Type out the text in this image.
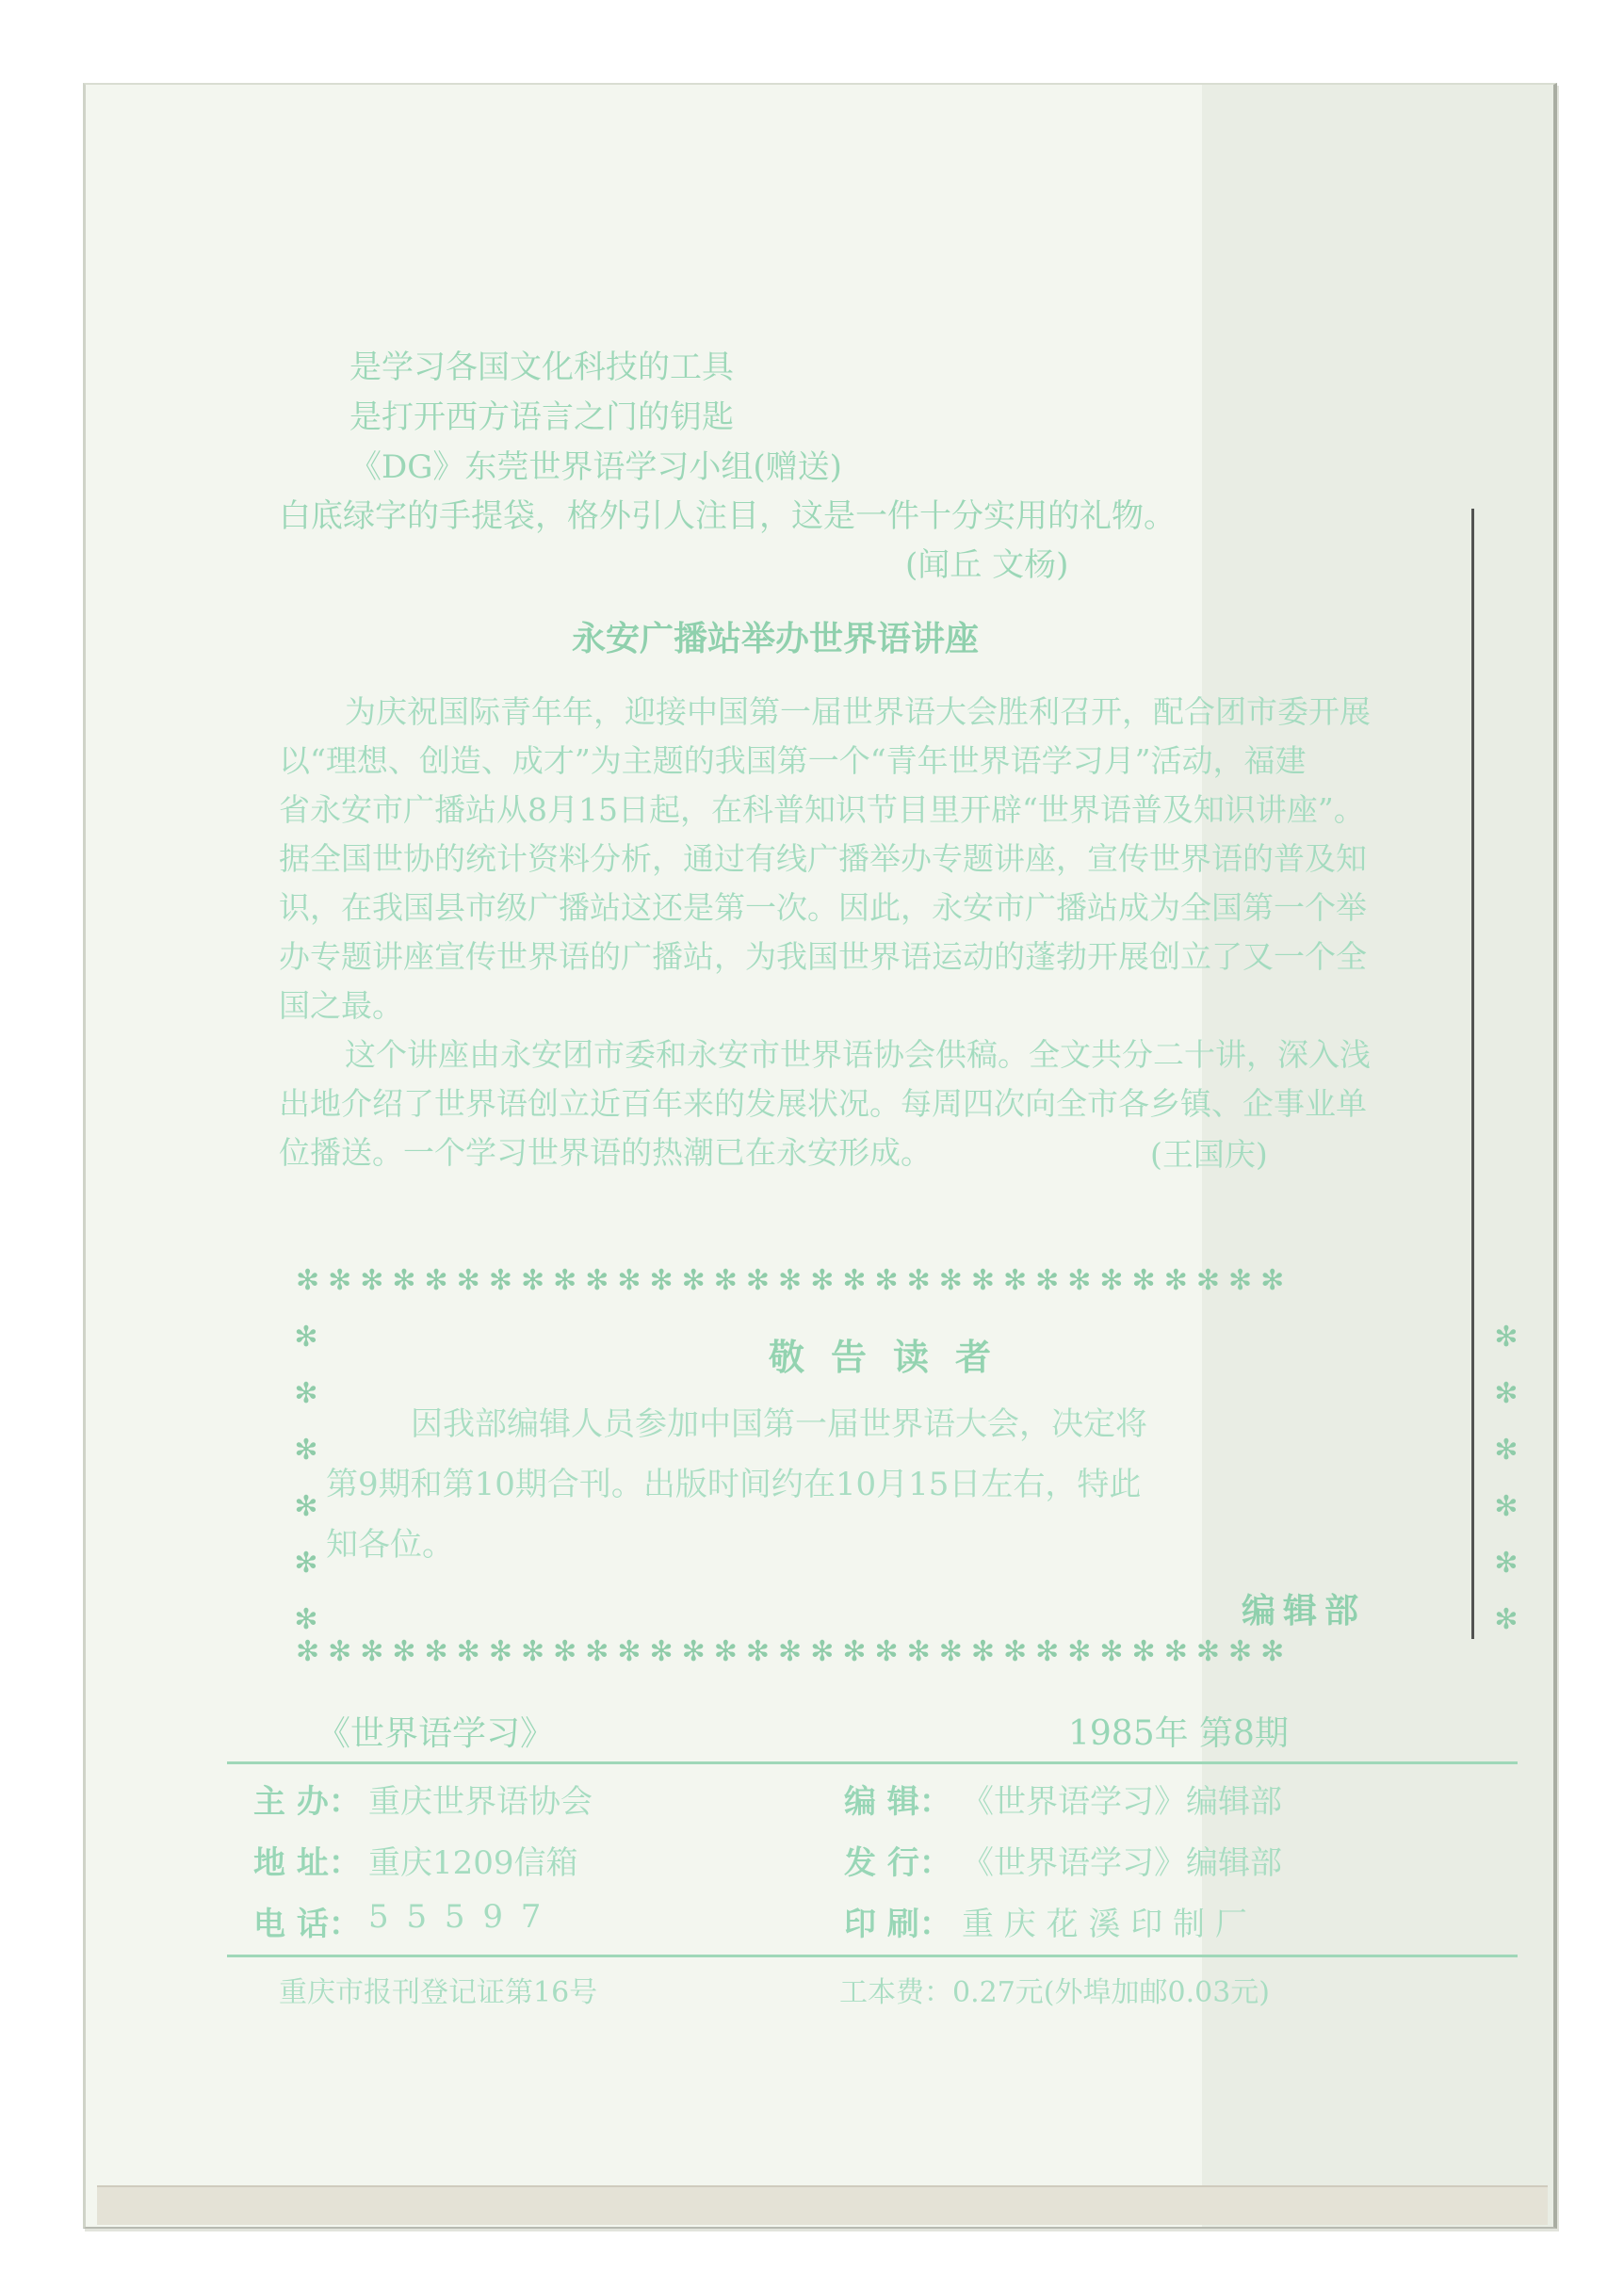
是学习各国文化科技的工具
是打开西方语言之门的钥匙
《DG》东莞世界语学习小组(赠送)
白底绿字的手提袋，格外引人注目，这是一件十分实用的礼物。
(闻丘 文杨)
永安广播站举办世界语讲座
为庆祝国际青年年，迎接中国第一届世界语大会胜利召开，配合团市委开展
以“理想、创造、成才”为主题的我国第一个“青年世界语学习月”活动，福建
省永安市广播站从8月15日起，在科普知识节目里开辟“世界语普及知识讲座”。
据全国世协的统计资料分析，通过有线广播举办专题讲座，宣传世界语的普及知
识，在我国县市级广播站这还是第一次。因此，永安市广播站成为全国第一个举
办专题讲座宣传世界语的广播站，为我国世界语运动的蓬勃开展创立了又一个全
国之最。
这个讲座由永安团市委和永安市世界语协会供稿。全文共分二十讲，深入浅
出地介绍了世界语创立近百年来的发展状况。每周四次向全市各乡镇、企事业单
位播送。一个学习世界语的热潮已在永安形成。	(王国庆)
✻✻✻✻✻✻✻✻✻✻✻✻✻✻✻✻✻✻✻✻✻✻✻✻✻✻✻✻✻✻✻
✻✻✻✻✻✻✻✻✻✻✻✻✻✻✻✻✻✻✻✻✻✻✻✻✻✻✻✻✻✻✻
✻
✻
✻
✻
✻
✻
✻
✻
✻
✻
✻
✻
敬告读者
因我部编辑人员参加中国第一届世界语大会，决定将
第9期和第10期合刊。出版时间约在10月15日左右，特此
知各位。
编辑部
《世界语学习》	1985年 第8期
主 办： 重庆世界语协会	编 辑： 《世界语学习》编辑部
地 址： 重庆1209信箱	发 行： 《世界语学习》编辑部
电 话： 5 5 5 9 7	印 刷： 重 庆 花 溪 印 制 厂
重庆市报刊登记证第16号	工本费：0.27元(外埠加邮0.03元)
